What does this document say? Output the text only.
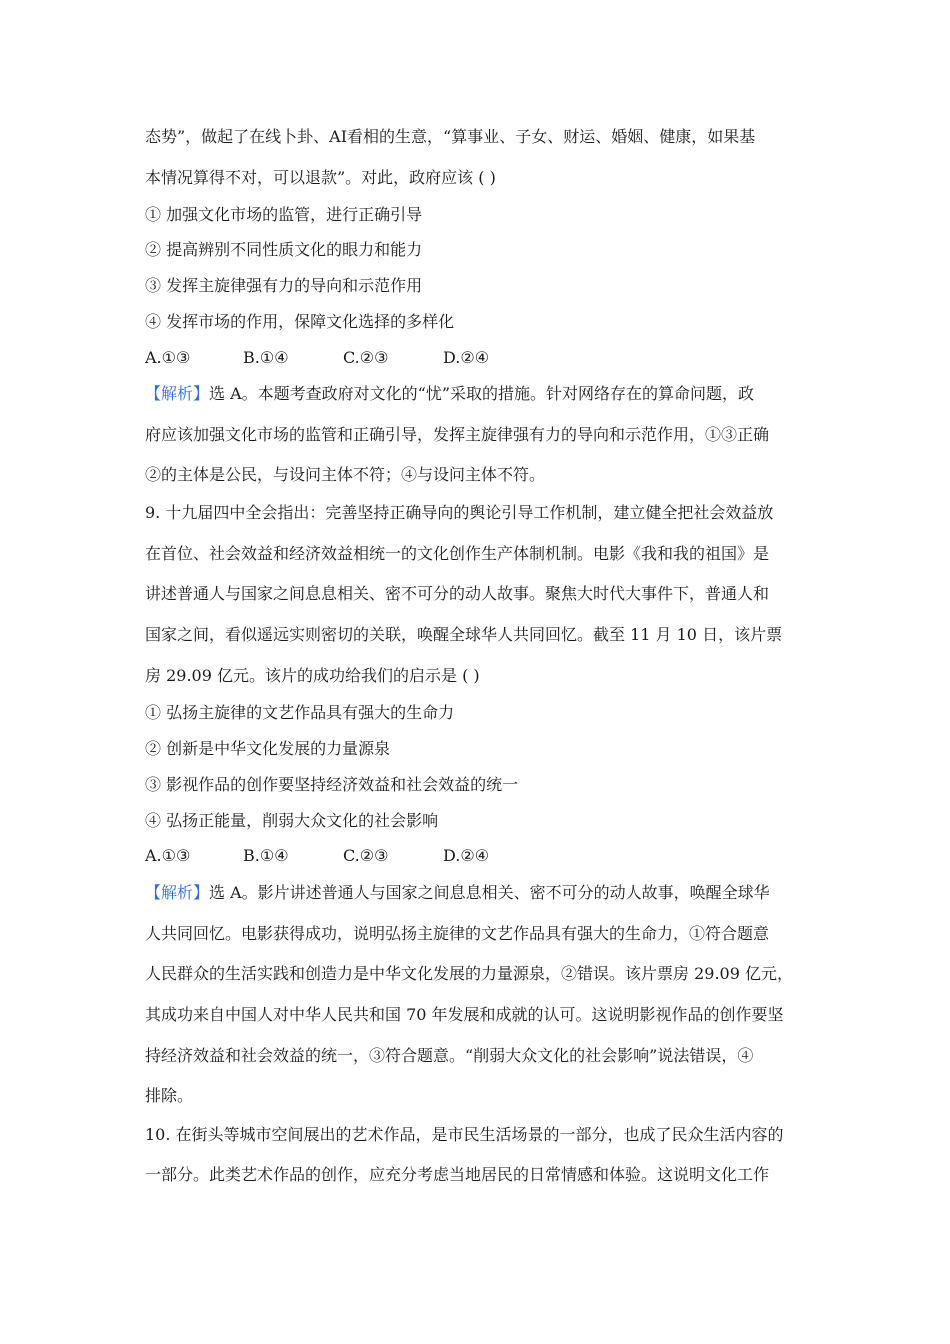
态势”，做起了在线卜卦、AI看相的生意，“算事业、子女、财运、婚姻、健康，如果基
本情况算得不对，可以退款”。对此，政府应该 ( )
① 加强文化市场的监管，进行正确引导
② 提高辨别不同性质文化的眼力和能力
③ 发挥主旋律强有力的导向和示范作用
④ 发挥市场的作用，保障文化选择的多样化
A.①③	B.①④	C.②③	D.②④
【解析】选 A。本题考查政府对文化的“忧”采取的措施。针对网络存在的算命问题，政
府应该加强文化市场的监管和正确引导，发挥主旋律强有力的导向和示范作用，①③正确
②的主体是公民，与设问主体不符；④与设问主体不符。
9. 十九届四中全会指出：完善坚持正确导向的舆论引导工作机制，建立健全把社会效益放
在首位、社会效益和经济效益相统一的文化创作生产体制机制。电影《我和我的祖国》是
讲述普通人与国家之间息息相关、密不可分的动人故事。聚焦大时代大事件下，普通人和
国家之间，看似遥远实则密切的关联，唤醒全球华人共同回忆。截至 11 月 10 日，该片票
房 29.09 亿元。该片的成功给我们的启示是 ( )
① 弘扬主旋律的文艺作品具有强大的生命力
② 创新是中华文化发展的力量源泉
③ 影视作品的创作要坚持经济效益和社会效益的统一
④ 弘扬正能量，削弱大众文化的社会影响
A.①③	B.①④	C.②③	D.②④
【解析】选 A。影片讲述普通人与国家之间息息相关、密不可分的动人故事，唤醒全球华
人共同回忆。电影获得成功，说明弘扬主旋律的文艺作品具有强大的生命力，①符合题意
人民群众的生活实践和创造力是中华文化发展的力量源泉，②错误。该片票房 29.09 亿元，
其成功来自中国人对中华人民共和国 70 年发展和成就的认可。这说明影视作品的创作要坚
持经济效益和社会效益的统一，③符合题意。“削弱大众文化的社会影响”说法错误，④
排除。
10. 在街头等城市空间展出的艺术作品，是市民生活场景的一部分，也成了民众生活内容的
一部分。此类艺术作品的创作，应充分考虑当地居民的日常情感和体验。这说明文化工作
